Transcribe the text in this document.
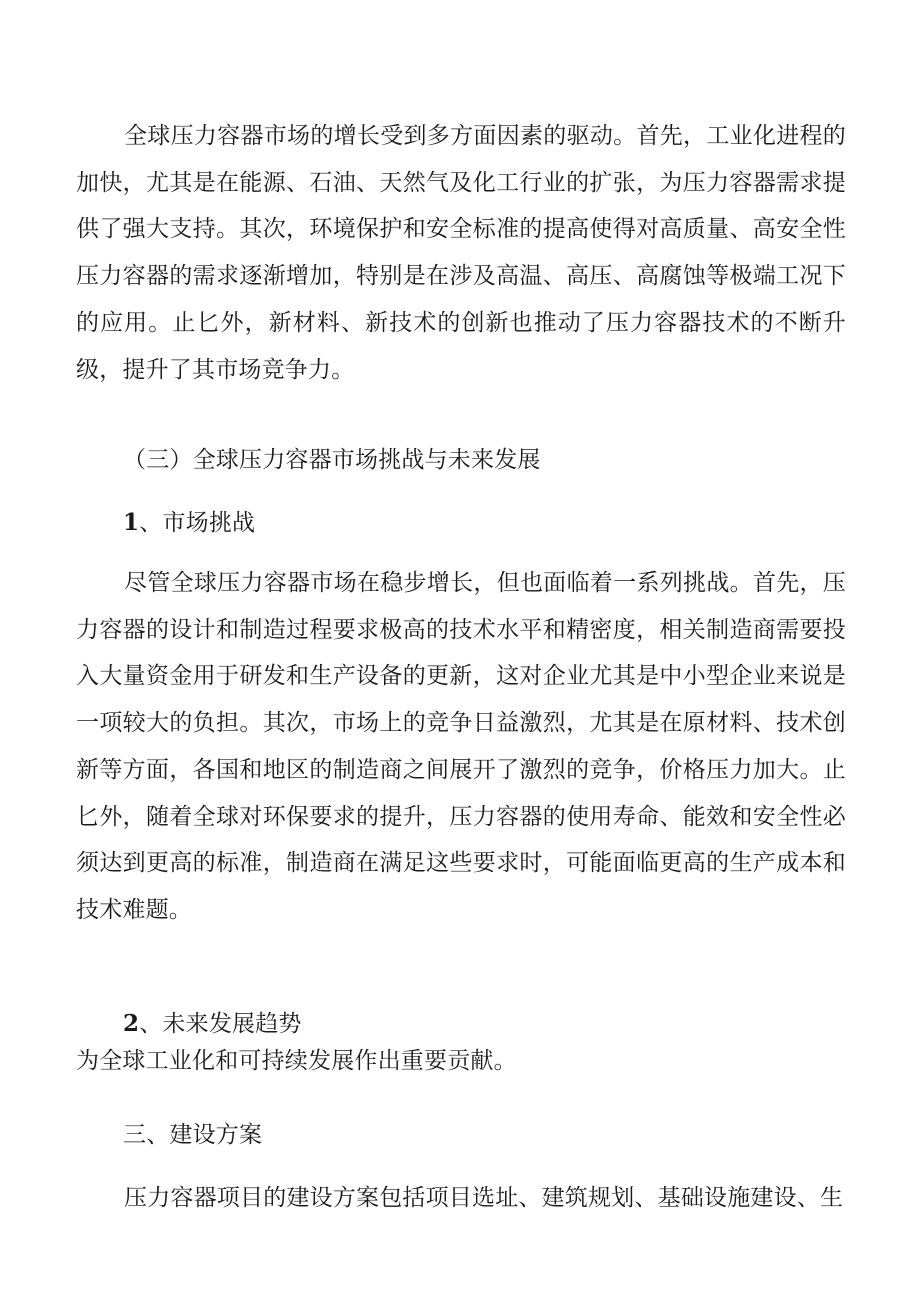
全球压力容器市场的增长受到多方面因素的驱动。首先，工业化进程的加快，尤其是在能源、石油、天然气及化工行业的扩张，为压力容器需求提供了强大支持。其次，环境保护和安全标准的提高使得对高质量、高安全性压力容器的需求逐渐增加，特别是在涉及高温、高压、高腐蚀等极端工况下的应用。止匕外，新材料、新技术的创新也推动了压力容器技术的不断升级，提升了其市场竞争力。

（三）全球压力容器市场挑战与未来发展

1、市场挑战

尽管全球压力容器市场在稳步增长，但也面临着一系列挑战。首先，压力容器的设计和制造过程要求极高的技术水平和精密度，相关制造商需要投入大量资金用于研发和生产设备的更新，这对企业尤其是中小型企业来说是一项较大的负担。其次，市场上的竞争日益激烈，尤其是在原材料、技术创新等方面，各国和地区的制造商之间展开了激烈的竞争，价格压力加大。止匕外，随着全球对环保要求的提升，压力容器的使用寿命、能效和安全性必须达到更高的标准，制造商在满足这些要求时，可能面临更高的生产成本和技术难题。

2、未来发展趋势

为全球工业化和可持续发展作出重要贡献。

三、建设方案

压力容器项目的建设方案包括项目选址、建筑规划、基础设施建设、生
